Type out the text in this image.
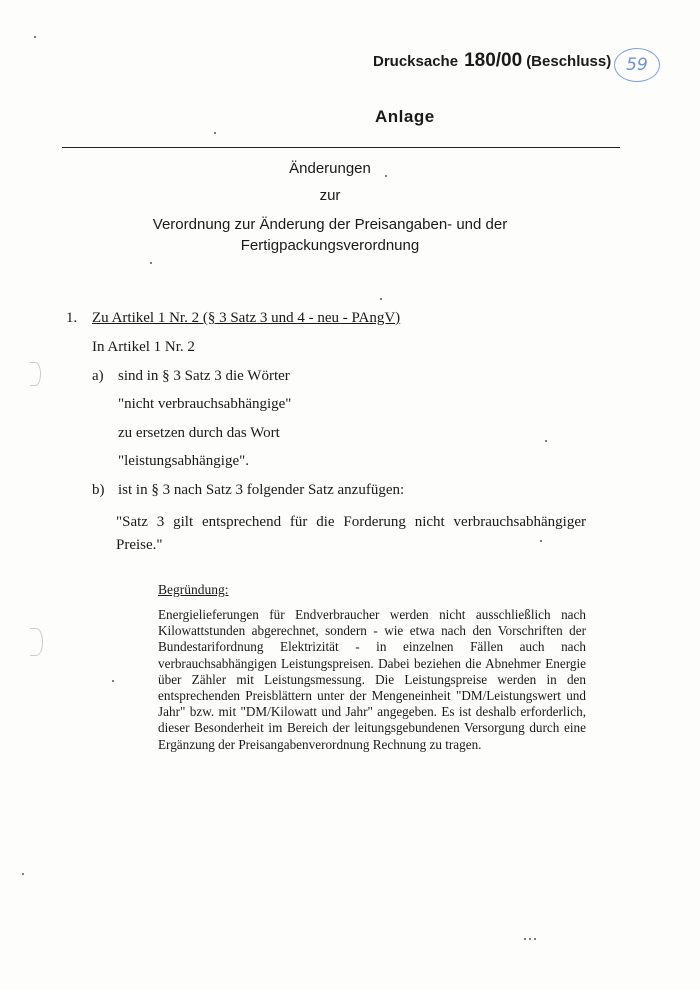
Drucksache 180/00 (Beschluss) 59
Anlage
Änderungen
zur
Verordnung zur Änderung der Preisangaben- und der
Fertigpackungsverordnung
1. Zu Artikel 1 Nr. 2 (§ 3 Satz 3 und 4 - neu - PAngV)
In Artikel 1 Nr. 2
a) sind in § 3 Satz 3 die Wörter
"nicht verbrauchsabhängige"
zu ersetzen durch das Wort
"leistungsabhängige".
b) ist in § 3 nach Satz 3 folgender Satz anzufügen:
"Satz 3 gilt entsprechend für die Forderung nicht verbrauchsabhängiger Preise."
Begründung:
Energielieferungen für Endverbraucher werden nicht ausschließlich nach Kilowattstunden abgerechnet, sondern - wie etwa nach den Vorschriften der Bundestarifordnung Elektrizität - in einzelnen Fällen auch nach verbrauchsabhängigen Leistungspreisen. Dabei beziehen die Abnehmer Energie über Zähler mit Leistungsmessung. Die Leistungspreise werden in den entsprechenden Preisblättern unter der Mengeneinheit "DM/Leistungswert und Jahr" bzw. mit "DM/Kilowatt und Jahr" angegeben. Es ist deshalb erforderlich, dieser Besonderheit im Bereich der leitungsgebundenen Versorgung durch eine Ergänzung der Preisangabenverordnung Rechnung zu tragen.
